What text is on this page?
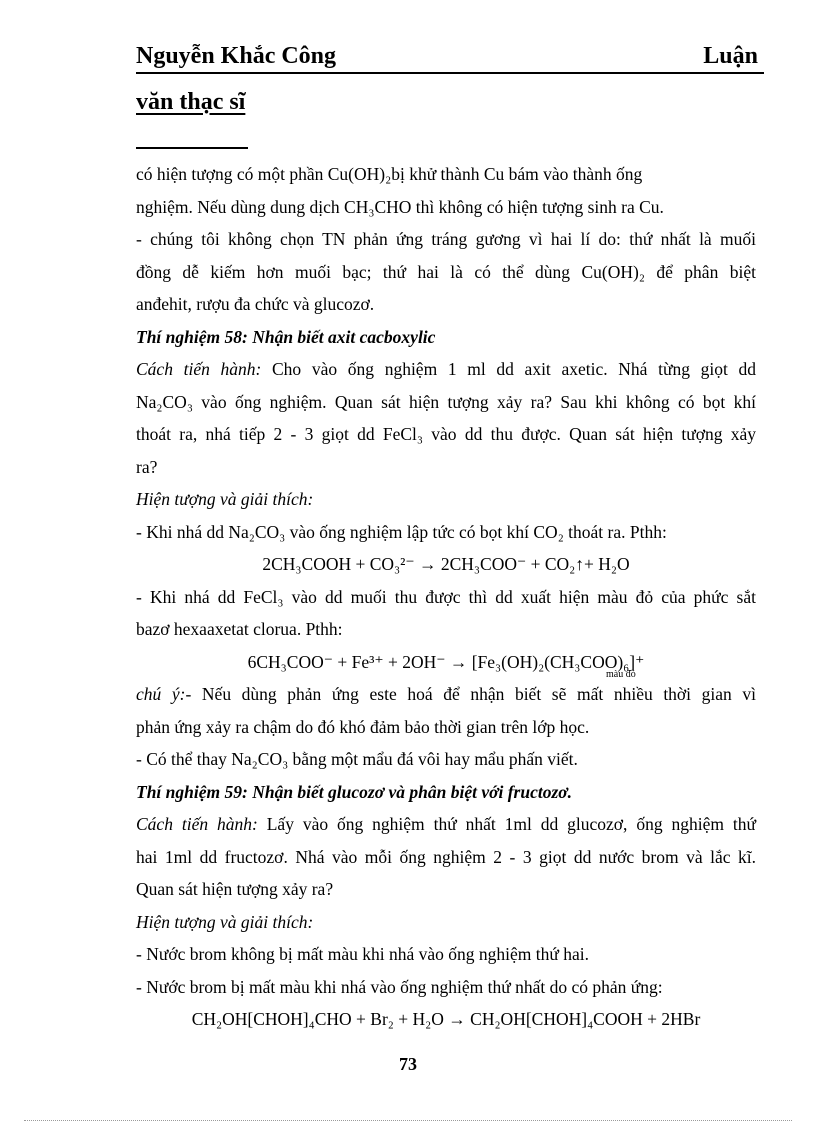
Nguyễn Khắc Công	Luận
văn thạc sĩ
có hiện tượng có một phần Cu(OH)₂bị khử thành Cu bám vào thành ống
nghiệm. Nếu dùng dung dịch CH₃CHO thì không có hiện tượng sinh ra Cu.
- chúng tôi không chọn TN phản ứng tráng gương vì hai lí do: thứ nhất là muối
đồng dễ kiếm hơn muối bạc; thứ hai là có thể dùng Cu(OH)₂ để phân biệt
anđehit, rượu đa chức và glucozơ.
Thí nghiệm 58: Nhận biết axit cacboxylic
Cách tiến hành: Cho vào ống nghiệm 1 ml dd axit axetic. Nhá từng giọt dd
Na₂CO₃ vào ống nghiệm. Quan sát hiện tượng xảy ra? Sau khi không có bọt khí
thoát ra, nhá tiếp 2 - 3 giọt dd FeCl₃ vào dd thu được. Quan sát hiện tượng xảy
ra?
Hiện tượng và giải thích:
- Khi nhá dd Na₂CO₃ vào ống nghiệm lập tức có bọt khí CO₂ thoát ra. Pthh:
2CH₃COOH + CO₃²⁻ → 2CH₃COO⁻ + CO₂↑+ H₂O
- Khi nhá dd FeCl₃ vào dd muối thu được thì dd xuất hiện màu đỏ của phức sắt
bazơ hexaaxetat clorua. Pthh:
6CH₃COO⁻ + Fe³⁺ + 2OH⁻ → [Fe₃(OH)₂(CH₃COO)₆]⁺
màu đỏ
chú ý:- Nếu dùng phản ứng este hoá để nhận biết sẽ mất nhiều thời gian vì
phản ứng xảy ra chậm do đó khó đảm bảo thời gian trên lớp học.
- Có thể thay Na₂CO₃ bằng một mẩu đá vôi hay mẩu phấn viết.
Thí nghiệm 59: Nhận biết glucozơ và phân biệt với fructozơ.
Cách tiến hành: Lấy vào ống nghiệm thứ nhất 1ml dd glucozơ, ống nghiệm thứ
hai 1ml dd fructozơ. Nhá vào mỗi ống nghiệm 2 - 3 giọt dd nước brom và lắc kĩ.
Quan sát hiện tượng xảy ra?
Hiện tượng và giải thích:
- Nước brom không bị mất màu khi nhá vào ống nghiệm thứ hai.
- Nước brom bị mất màu khi nhá vào ống nghiệm thứ nhất do có phản ứng:
CH₂OH[CHOH]₄CHO + Br₂ + H₂O → CH₂OH[CHOH]₄COOH + 2HBr
73
